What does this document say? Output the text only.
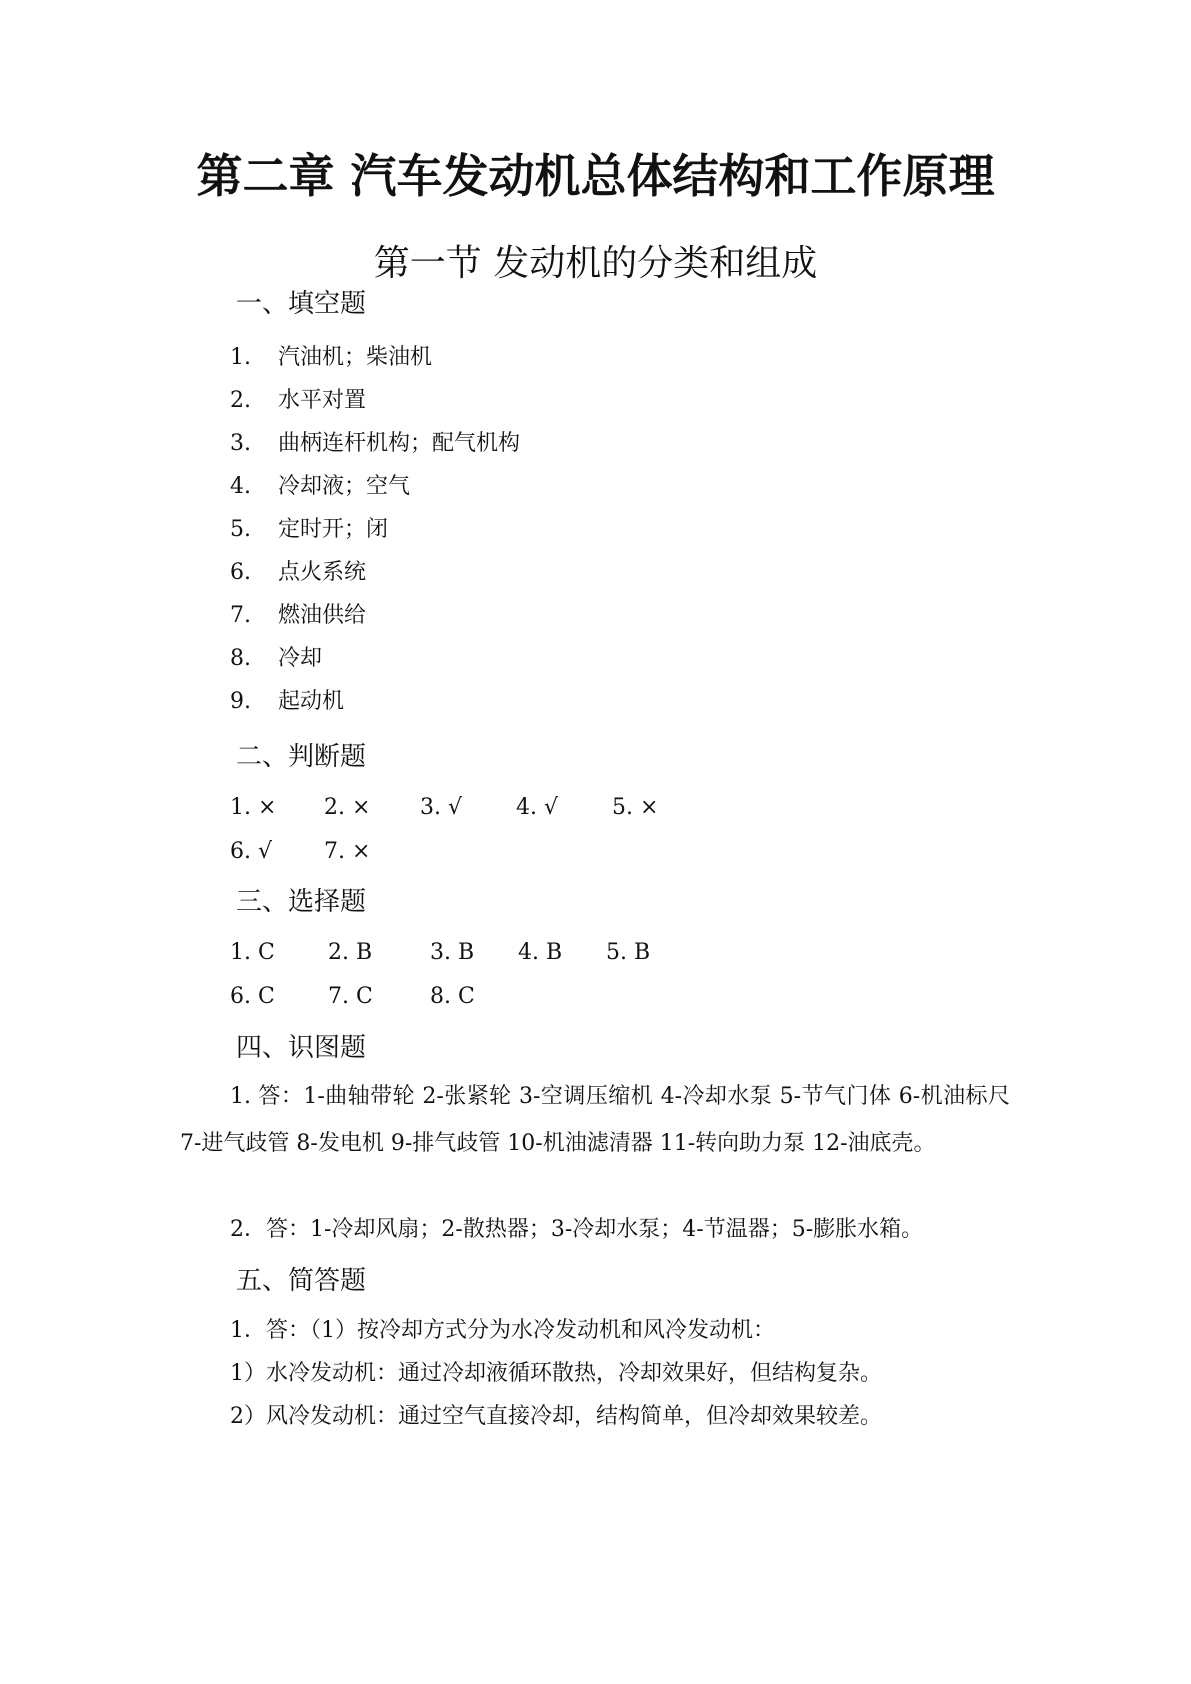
第二章 汽车发动机总体结构和工作原理
第一节 发动机的分类和组成
一、填空题
1. 汽油机；柴油机
2. 水平对置
3. 曲柄连杆机构；配气机构
4. 冷却液；空气
5. 定时开；闭
6. 点火系统
7. 燃油供给
8. 冷却
9. 起动机
二、判断题
1. × 2. × 3. √ 4. √ 5. ×
6. √ 7. ×
三、选择题
1. C 2. B	3. B 4. B 5. B
6. C 7. C	8. C
四、识图题
1. 答：1-曲轴带轮 2-张紧轮 3-空调压缩机 4-冷却水泵 5-节气门体 6-机油标尺 7-进气歧管 8-发电机 9-排气歧管 10-机油滤清器 11-转向助力泵 12-油底壳。
2．答：1-冷却风扇；2-散热器；3-冷却水泵；4-节温器；5-膨胀水箱。
五、简答题
1．答：（1）按冷却方式分为水冷发动机和风冷发动机：
1）水冷发动机：通过冷却液循环散热，冷却效果好，但结构复杂。
2）风冷发动机：通过空气直接冷却，结构简单，但冷却效果较差。
